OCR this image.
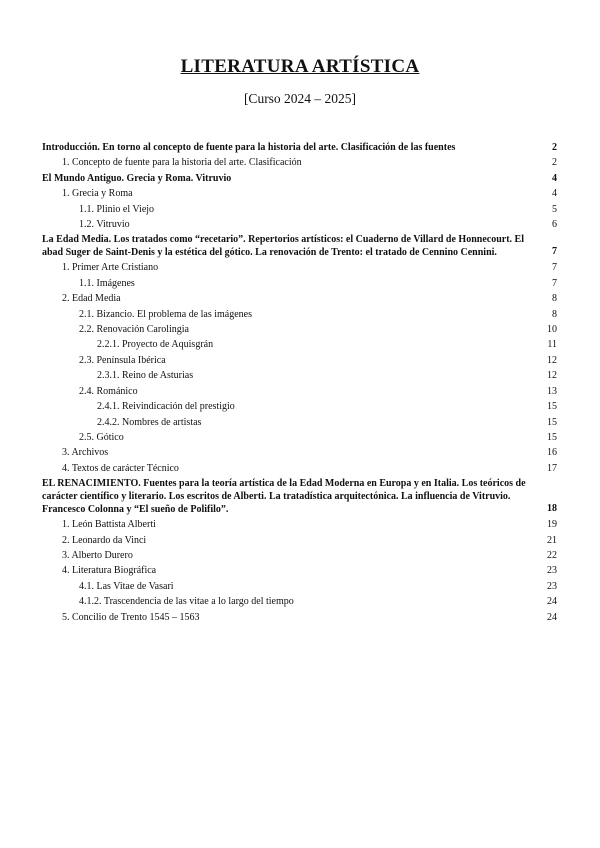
LITERATURA ARTÍSTICA
[Curso 2024 – 2025]
Introducción. En torno al concepto de fuente para la historia del arte. Clasificación de las fuentes	2
1. Concepto de fuente para la historia del arte. Clasificación	2
El Mundo Antiguo. Grecia y Roma. Vitruvio	4
1. Grecia y Roma	4
1.1. Plinio el Viejo	5
1.2. Vitruvio	6
La Edad Media. Los tratados como “recetario”. Repertorios artísticos: el Cuaderno de Villard de Honnecourt. El abad Suger de Saint-Denis y la estética del gótico. La renovación de Trento: el tratado de Cennino Cennini.	7
1. Primer Arte Cristiano	7
1.1. Imágenes	7
2. Edad Media	8
2.1. Bizancio. El problema de las imágenes	8
2.2. Renovación Carolingia	10
2.2.1. Proyecto de Aquisgrán	11
2.3. Península Ibérica	12
2.3.1. Reino de Asturias	12
2.4. Románico	13
2.4.1. Reivindicación del prestigio	15
2.4.2. Nombres de artistas	15
2.5. Gótico	15
3. Archivos	16
4. Textos de carácter Técnico	17
EL RENACIMIENTO. Fuentes para la teoría artística de la Edad Moderna en Europa y en Italia. Los teóricos de carácter científico y literario. Los escritos de Alberti. La tratadística arquitectónica. La influencia de Vitruvio. Francesco Colonna y “El sueño de Polifilo”.	18
1. León Battista Alberti	19
2. Leonardo da Vinci	21
3. Alberto Durero	22
4. Literatura Biográfica	23
4.1. Las Vitae de Vasari	23
4.1.2. Trascendencia de las vitae a lo largo del tiempo	24
5. Concilio de Trento 1545 – 1563	24
